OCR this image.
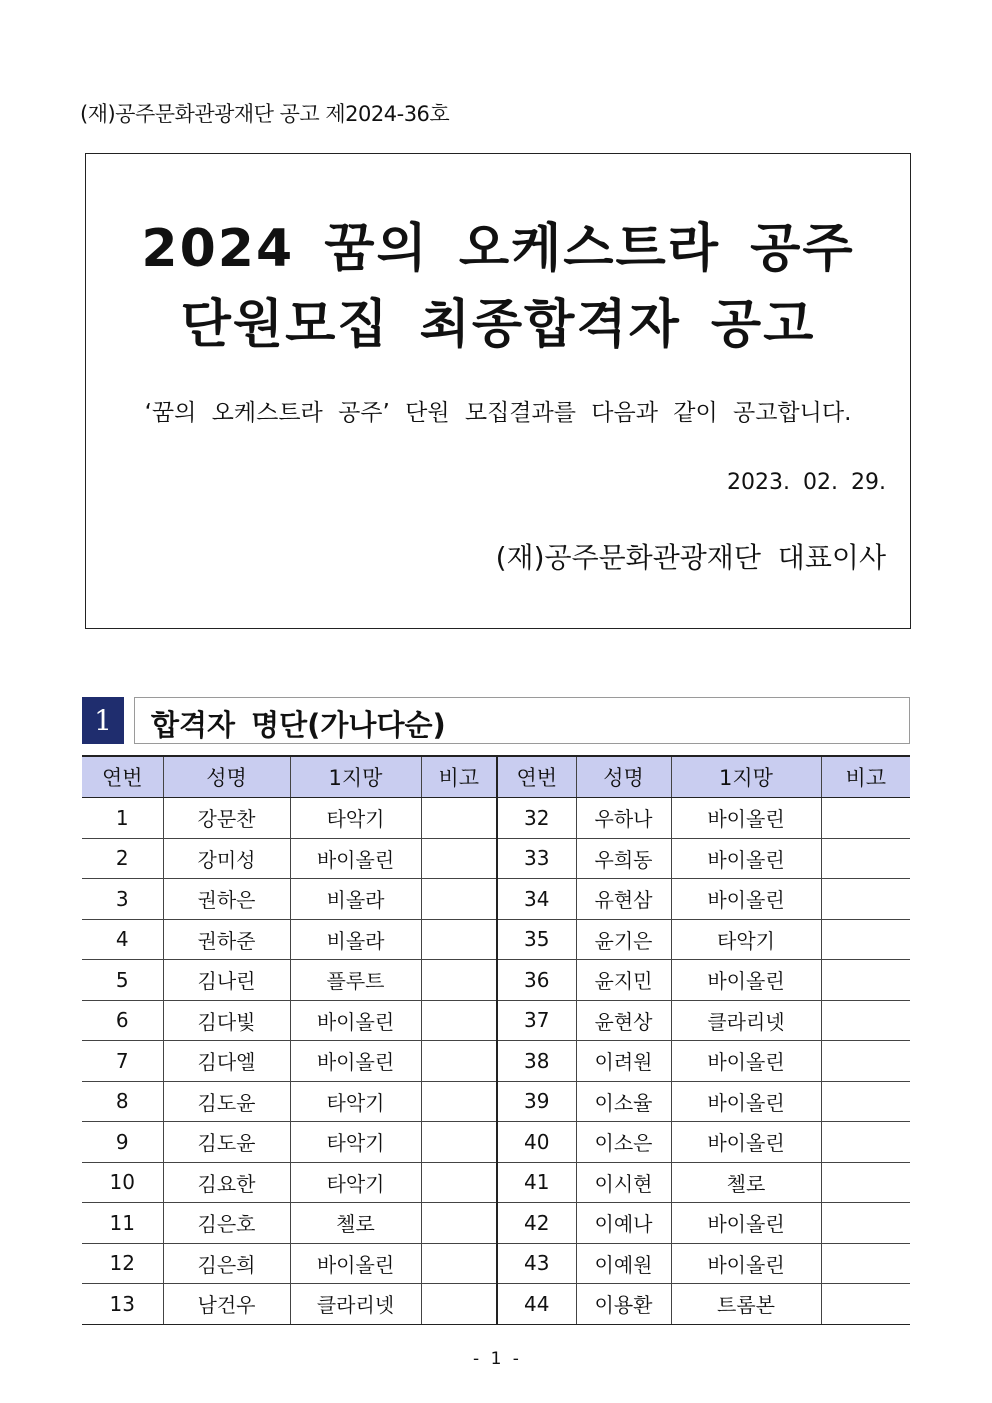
(재)공주문화관광재단 공고 제2024-36호
2024 꿈의 오케스트라 공주
단원모집 최종합격자 공고
‘꿈의 오케스트라 공주’ 단원 모집결과를 다음과 같이 공고합니다.
2023. 02. 29.
(재)공주문화관광재단 대표이사
1	합격자 명단(가나다순)
연번	성명	1지망	비고	연번	성명	1지망	비고
1	강문찬	타악기		32	우하나	바이올린	
2	강미성	바이올린		33	우희동	바이올린	
3	권하은	비올라		34	유현삼	바이올린	
4	권하준	비올라		35	윤기은	타악기	
5	김나린	플루트		36	윤지민	바이올린	
6	김다빛	바이올린		37	윤현상	클라리넷	
7	김다엘	바이올린		38	이려원	바이올린	
8	김도윤	타악기		39	이소율	바이올린	
9	김도윤	타악기		40	이소은	바이올린	
10	김요한	타악기		41	이시현	첼로	
11	김은호	첼로		42	이예나	바이올린	
12	김은희	바이올린		43	이예원	바이올린	
13	남건우	클라리넷		44	이용환	트롬본	
- 1 -
